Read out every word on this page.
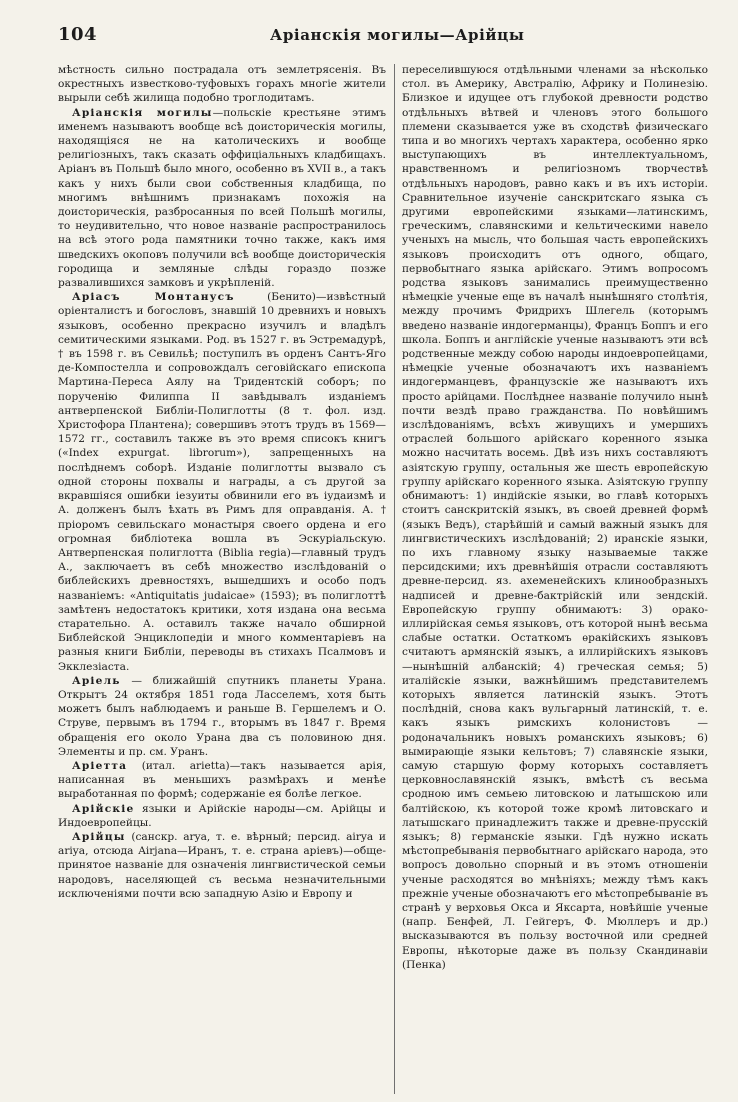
104	Аріанскія могилы—Арійцы

мѣстность сильно пострадала отъ землетрясенія. Въ окрестныхъ известково-туфовыхъ горахъ многіе жители вырыли себѣ жилища подобно троглодитамъ.

Аріанскія могилы—польскіе крестьяне этимъ именемъ называютъ вообще всѣ доисторическія могилы, находящіяся не на католическихъ и вообще религіозныхъ, такъ сказать оффиціальныхъ кладбищахъ. Аріанъ въ Польшѣ было много, особенно въ XVII в., а такъ какъ у нихъ были свои собственныя кладбища, по многимъ внѣшнимъ признакамъ похожія на доисторическія, разбросанныя по всей Польшѣ могилы, то неудивительно, что новое названіе распространилось на всѣ этого рода памятники точно также, какъ имя шведскихъ окоповъ получили всѣ вообще доисторическія городища и земляные слѣды гораздо позже развалившихся замковъ и укрѣпленій.

Аріасъ Монтанусъ (Бенито)—извѣстный оріенталистъ и богословъ, знавшій 10 древнихъ и новыхъ языковъ, особенно прекрасно изучилъ и владѣлъ семитическими языками. Род. въ 1527 г. въ Эстремадурѣ, † въ 1598 г. въ Севильѣ; поступилъ въ орденъ Сантъ-Яго де-Компостелла и сопровождалъ сеговійскаго епископа Мартина-Переса Аялу на Тридентскій соборъ; по порученію Филиппа II завѣдывалъ изданіемъ антверпенской Библіи-Полиглотты (8 т. фол. изд. Христофора Плантена); совершивъ этотъ трудъ въ 1569—1572 гг., составилъ также въ это время списокъ книгъ («Index expurgat. librorum»), запрещенныхъ на послѣднемъ соборѣ. Изданіе полиглотты вызвало съ одной стороны похвалы и награды, а съ другой за вкравшіяся ошибки іезуиты обвинили его въ іудаизмѣ и А. долженъ былъ ѣхать въ Римъ для оправданія. А. † пріоромъ севильскаго монастыря своего ордена и его огромная библіотека вошла въ Эскуріальскую. Антверпенская полиглотта (Biblia regia)—главный трудъ А., заключаетъ въ себѣ множество изслѣдованій о библейскихъ древностяхъ, вышедшихъ и особо подъ названіемъ: «Antiquitatis judaicae» (1593); въ полиглоттѣ замѣтенъ недостатокъ критики, хотя издана она весьма старательно. А. оставилъ также начало обширной Библейской Энциклопедіи и много комментаріевъ на разныя книги Библіи, переводы въ стихахъ Псалмовъ и Экклезіаста.

Аріель — ближайшій спутникъ планеты Урана. Открытъ 24 октября 1851 года Ласселемъ, хотя быть можетъ былъ наблюдаемъ и раньше В. Гершелемъ и О. Струве, первымъ въ 1794 г., вторымъ въ 1847 г. Время обращенія его около Урана два съ половиною дня. Элементы и пр. см. Уранъ.

Аріетта (итал. arietta)—такъ называется арія, написанная въ меньшихъ размѣрахъ и менѣе выработанная по формѣ; содержаніе ея болѣе легкое.

Арійскіе языки и Арійскіе народы—см. Арійцы и Индоевропейцы.

Арійцы (санскр. arya, т. е. вѣрный; персид. airya и ariya, отсюда Airjana—Иранъ, т. е. страна аріевъ)—обще-принятое названіе для означенія лингвистической семьи народовъ, населяющей съ весьма незначительными исключеніями почти всю западную Азію и Европу и

переселившуюся отдѣльными членами за нѣсколько стол. въ Америку, Австралію, Африку и Полинезію. Близкое и идущее отъ глубокой древности родство отдѣльныхъ вѣтвей и членовъ этого большого племени сказывается уже въ сходствѣ физическаго типа и во многихъ чертахъ характера, особенно ярко выступающихъ въ интеллектуальномъ, нравственномъ и религіозномъ творчествѣ отдѣльныхъ народовъ, равно какъ и въ ихъ исторіи. Сравнительное изученіе санскритскаго языка съ другими европейскими языками—латинскимъ, греческимъ, славянскими и кельтическими навело ученыхъ на мысль, что большая часть европейскихъ языковъ происходитъ отъ одного, общаго, первобытнаго языка арійскаго. Этимъ вопросомъ родства языковъ занимались преимущественно нѣмецкіе ученые еще въ началѣ нынѣшняго столѣтія, между прочимъ Фридрихъ Шлегель (которымъ введено названіе индогерманцы), Францъ Боппъ и его школа. Боппъ и англійскіе ученые называютъ эти всѣ родственные между собою народы индоевропейцами, нѣмецкіе ученые обозначаютъ ихъ названіемъ индогерманцевъ, французскіе же называютъ ихъ просто арійцами. Послѣднее названіе получило нынѣ почти вездѣ право гражданства. По новѣйшимъ изслѣдованіямъ, всѣхъ живущихъ и умершихъ отраслей большого арійскаго коренного языка можно насчитать восемь. Двѣ изъ нихъ составляютъ азіятскую группу, остальныя же шесть европейскую группу арійскаго коренного языка. Азіятскую группу обнимаютъ: 1) индійскіе языки, во главѣ которыхъ стоитъ санскритскій языкъ, въ своей древней формѣ (языкъ Ведъ), старѣйшій и самый важный языкъ для лингвистическихъ изслѣдованій; 2) иранскіе языки, по ихъ главному языку называемые также персидскими; ихъ древнѣйшія отрасли составляютъ древне-персид. яз. ахеменейскихъ клинообразныхъ надписей и древне-бактрійскій или зендскій. Европейскую группу обнимаютъ: 3) оракo-иллирійская семья языковъ, отъ которой нынѣ весьма слабые остатки. Остаткомъ ѳракійскихъ языковъ считаютъ армянскій языкъ, а иллирійскихъ языковъ—нынѣшній албанскій; 4) греческая семья; 5) италійскіе языки, важнѣйшимъ представителемъ которыхъ является латинскій языкъ. Этотъ послѣдній, снова какъ вульгарный латинскій, т. е. какъ языкъ римскихъ колонистовъ — родоначальникъ новыхъ романскихъ языковъ; 6) вымирающіе языки кельтовъ; 7) славянскіе языки, самую старшую форму которыхъ составляетъ церковнославянскій языкъ, вмѣстѣ съ весьма сродною имъ семьею литовскою и латышскою или балтійскою, къ которой тоже кромѣ литовскаго и латышскаго принадлежитъ также и древне-прусскій языкъ; 8) германскіе языки. Гдѣ нужно искать мѣстопребыванія первобытнаго арійскаго народа, это вопросъ довольно спорный и въ этомъ отношеніи ученые расходятся во мнѣніяхъ; между тѣмъ какъ прежніе ученые обозначаютъ его мѣстопребываніе въ странѣ у верховья Окса и Яксарта, новѣйшіе ученые (напр. Бенфей, Л. Гейгеръ, Ф. Мюллеръ и др.) высказываются въ пользу восточной или средней Европы, нѣкоторые даже въ пользу Скандинавіи (Пенка)
